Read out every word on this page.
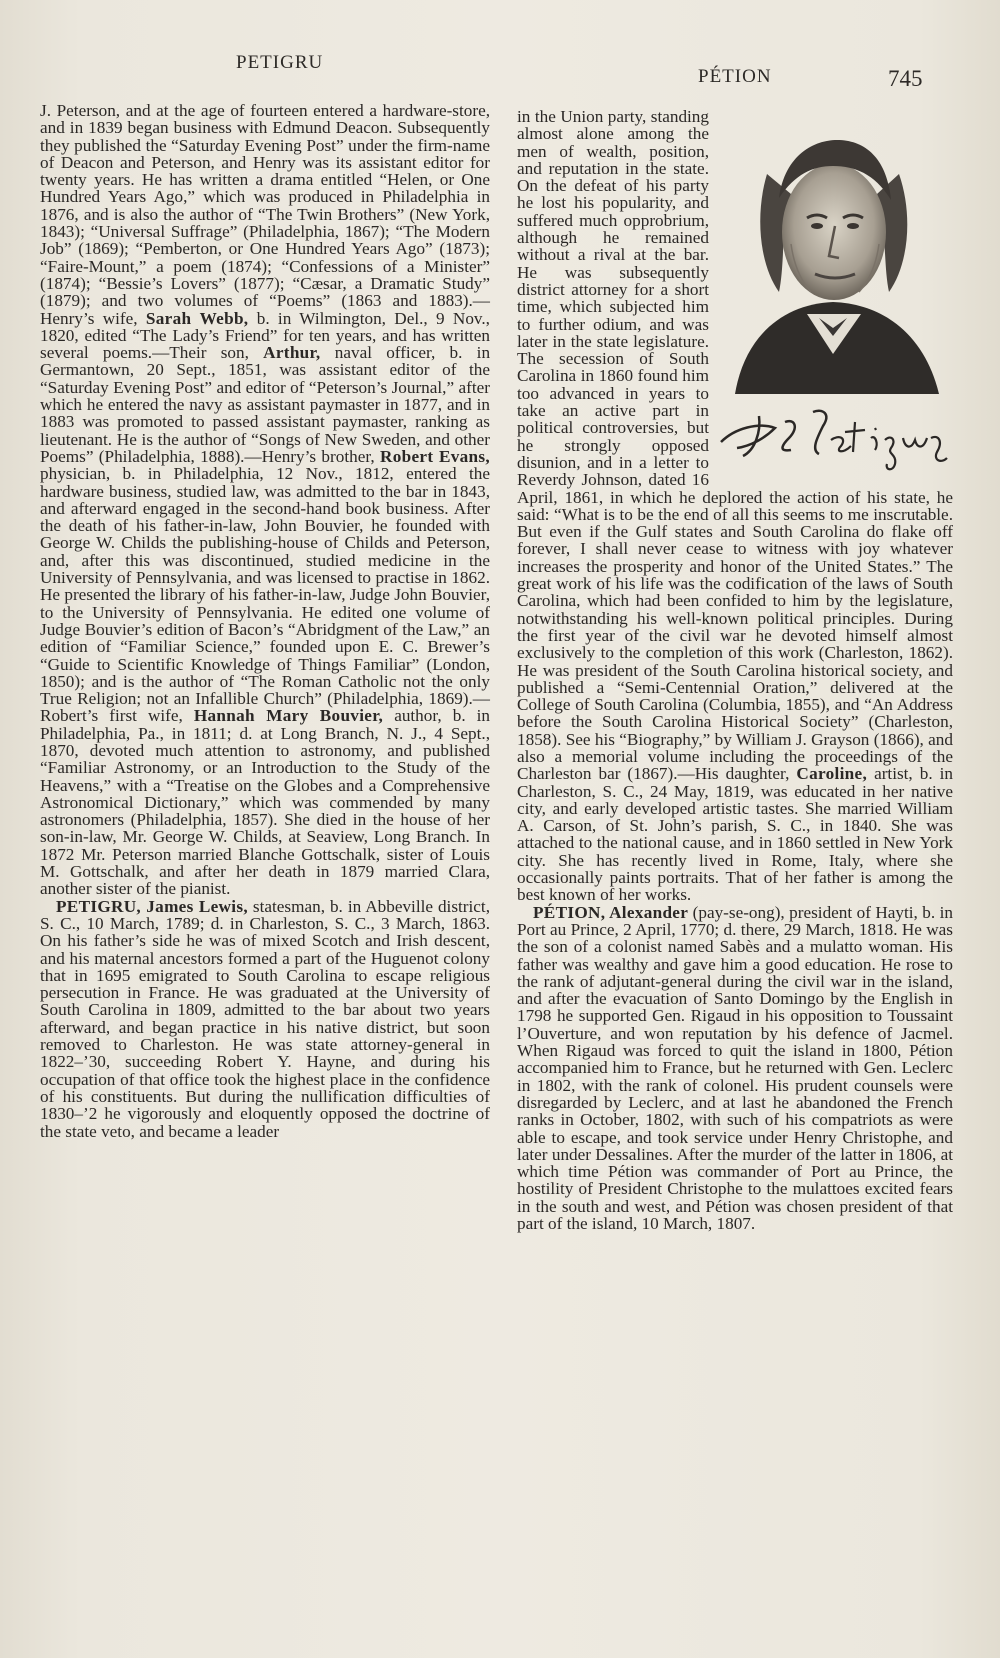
PETIGRU
PÉTION	745

J. Peterson, and at the age of fourteen entered a hardware-store, and in 1839 began business with Edmund Deacon. Subsequently they published the “Saturday Evening Post” under the firm-name of Deacon and Peterson, and Henry was its assistant editor for twenty years. He has written a drama entitled “Helen, or One Hundred Years Ago,” which was produced in Philadelphia in 1876, and is also the author of “The Twin Brothers” (New York, 1843); “Universal Suffrage” (Philadelphia, 1867); “The Modern Job” (1869); “Pemberton, or One Hundred Years Ago” (1873); “Faire-Mount,” a poem (1874); “Confessions of a Minister” (1874); “Bessie’s Lovers” (1877); “Cæsar, a Dramatic Study” (1879); and two volumes of “Poems” (1863 and 1883).—Henry’s wife, Sarah Webb, b. in Wilmington, Del., 9 Nov., 1820, edited “The Lady’s Friend” for ten years, and has written several poems.—Their son, Arthur, naval officer, b. in Germantown, 20 Sept., 1851, was assistant editor of the “Saturday Evening Post” and editor of “Peterson’s Journal,” after which he entered the navy as assistant paymaster in 1877, and in 1883 was promoted to passed assistant paymaster, ranking as lieutenant. He is the author of “Songs of New Sweden, and other Poems” (Philadelphia, 1888).—Henry’s brother, Robert Evans, physician, b. in Philadelphia, 12 Nov., 1812, entered the hardware business, studied law, was admitted to the bar in 1843, and afterward engaged in the second-hand book business. After the death of his father-in-law, John Bouvier, he founded with George W. Childs the publishing-house of Childs and Peterson, and, after this was discontinued, studied medicine in the University of Pennsylvania, and was licensed to practise in 1862. He presented the library of his father-in-law, Judge John Bouvier, to the University of Pennsylvania. He edited one volume of Judge Bouvier’s edition of Bacon’s “Abridgment of the Law,” an edition of “Familiar Science,” founded upon E. C. Brewer’s “Guide to Scientific Knowledge of Things Familiar” (London, 1850); and is the author of “The Roman Catholic not the only True Religion; not an Infallible Church” (Philadelphia, 1869).—Robert’s first wife, Hannah Mary Bouvier, author, b. in Philadelphia, Pa., in 1811; d. at Long Branch, N. J., 4 Sept., 1870, devoted much attention to astronomy, and published “Familiar Astronomy, or an Introduction to the Study of the Heavens,” with a “Treatise on the Globes and a Comprehensive Astronomical Dictionary,” which was commended by many astronomers (Philadelphia, 1857). She died in the house of her son-in-law, Mr. George W. Childs, at Seaview, Long Branch. In 1872 Mr. Peterson married Blanche Gottschalk, sister of Louis M. Gottschalk, and after her death in 1879 married Clara, another sister of the pianist.

PETIGRU, James Lewis, statesman, b. in Abbeville district, S. C., 10 March, 1789; d. in Charleston, S. C., 3 March, 1863. On his father’s side he was of mixed Scotch and Irish descent, and his maternal ancestors formed a part of the Huguenot colony that in 1695 emigrated to South Carolina to escape religious persecution in France. He was graduated at the University of South Carolina in 1809, admitted to the bar about two years afterward, and began practice in his native district, but soon removed to Charleston. He was state attorney-general in 1822–’30, succeeding Robert Y. Hayne, and during his occupation of that office took the highest place in the confidence of his constituents. But during the nullification difficulties of 1830–’2 he vigorously and eloquently opposed the doctrine of the state veto, and became a leader

in the Union party, standing almost alone among the men of wealth, position, and reputation in the state. On the defeat of his party he lost his popularity, and suffered much opprobrium, although he remained without a rival at the bar. He was subsequently district attorney for a short time, which subjected him to further odium, and was later in the state legislature. The secession of South Carolina in 1860 found him too advanced in years to take an active part in political controversies, but he strongly opposed disunion, and in a letter to Reverdy Johnson, dated 16 April, 1861, in which he deplored the action of his state, he said: “What is to be the end of all this seems to me inscrutable. But even if the Gulf states and South Carolina do flake off forever, I shall never cease to witness with joy whatever increases the prosperity and honor of the United States.” The great work of his life was the codification of the laws of South Carolina, which had been confided to him by the legislature, notwithstanding his well-known political principles. During the first year of the civil war he devoted himself almost exclusively to the completion of this work (Charleston, 1862). He was president of the South Carolina historical society, and published a “Semi-Centennial Oration,” delivered at the College of South Carolina (Columbia, 1855), and “An Address before the South Carolina Historical Society” (Charleston, 1858). See his “Biography,” by William J. Grayson (1866), and also a memorial volume including the proceedings of the Charleston bar (1867).—His daughter, Caroline, artist, b. in Charleston, S. C., 24 May, 1819, was educated in her native city, and early developed artistic tastes. She married William A. Carson, of St. John’s parish, S. C., in 1840. She was attached to the national cause, and in 1860 settled in New York city. She has recently lived in Rome, Italy, where she occasionally paints portraits. That of her father is among the best known of her works.

PÉTION, Alexander (pay-se-ong), president of Hayti, b. in Port au Prince, 2 April, 1770; d. there, 29 March, 1818. He was the son of a colonist named Sabès and a mulatto woman. His father was wealthy and gave him a good education. He rose to the rank of adjutant-general during the civil war in the island, and after the evacuation of Santo Domingo by the English in 1798 he supported Gen. Rigaud in his opposition to Toussaint l’Ouverture, and won reputation by his defence of Jacmel. When Rigaud was forced to quit the island in 1800, Pétion accompanied him to France, but he returned with Gen. Leclerc in 1802, with the rank of colonel. His prudent counsels were disregarded by Leclerc, and at last he abandoned the French ranks in October, 1802, with such of his compatriots as were able to escape, and took service under Henry Christophe, and later under Dessalines. After the murder of the latter in 1806, at which time Pétion was commander of Port au Prince, the hostility of President Christophe to the mulattoes excited fears in the south and west, and Pétion was chosen president of that part of the island, 10 March, 1807.
